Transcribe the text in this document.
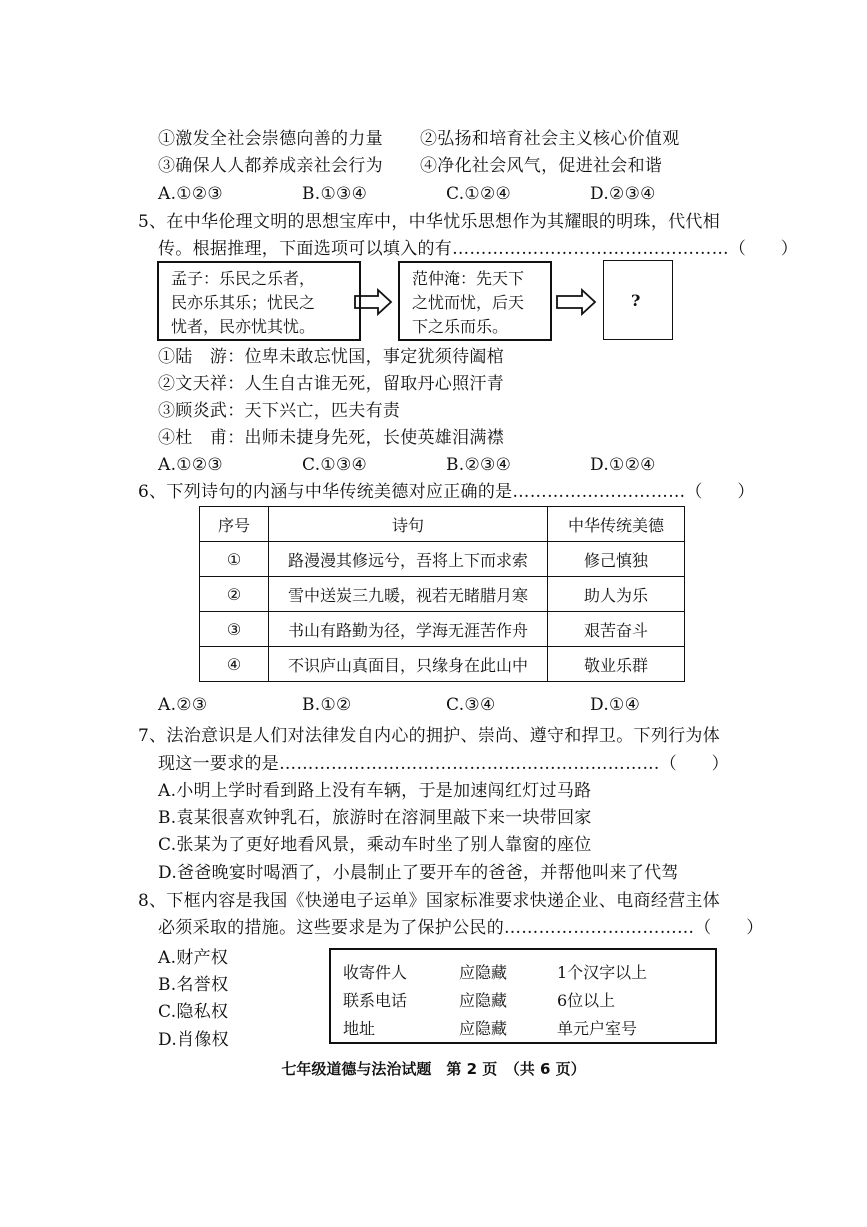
①激发全社会崇德向善的力量 ②弘扬和培育社会主义核心价值观
③确保人人都养成亲社会行为 ④净化社会风气，促进社会和谐
A.①②③	B.①③④	C.①②④	D.②③④
5、在中华伦理文明的思想宝库中，中华忧乐思想作为其耀眼的明珠，代代相
传。根据推理，下面选项可以填入的有…………………………………………（　　）
孟子：乐民之乐者，
民亦乐其乐；忧民之
忧者，民亦忧其忧。
范仲淹：先天下
之忧而忧，后天
下之乐而乐。
?
①陆　游：位卑未敢忘忧国，事定犹须待阖棺
②文天祥：人生自古谁无死，留取丹心照汗青
③顾炎武：天下兴亡，匹夫有责
④杜　甫：出师未捷身先死，长使英雄泪满襟
A.①②③	C.①③④	B.②③④	D.①②④
6、下列诗句的内涵与中华传统美德对应正确的是…………………………（　　）
序号	诗句	中华传统美德
①	路漫漫其修远兮，吾将上下而求索	修己慎独
②	雪中送炭三九暖，视若无睹腊月寒	助人为乐
③	书山有路勤为径，学海无涯苦作舟	艰苦奋斗
④	不识庐山真面目，只缘身在此山中	敬业乐群
A.②③	B.①②	C.③④	D.①④
7、法治意识是人们对法律发自内心的拥护、崇尚、遵守和捍卫。下列行为体
现这一要求的是…………………………………………………………（　　）
A.小明上学时看到路上没有车辆，于是加速闯红灯过马路
B.袁某很喜欢钟乳石，旅游时在溶洞里敲下来一块带回家
C.张某为了更好地看风景，乘动车时坐了别人靠窗的座位
D.爸爸晚宴时喝酒了，小晨制止了要开车的爸爸，并帮他叫来了代驾
8、下框内容是我国《快递电子运单》国家标准要求快递企业、电商经营主体
必须采取的措施。这些要求是为了保护公民的……………………………（　　）
A.财产权
B.名誉权
C.隐私权
D.肖像权
收寄件人	应隐藏	1个汉字以上
联系电话	应隐藏	6位以上
地址	应隐藏	单元户室号
七年级道德与法治试题　第 2 页　（共 6 页）
